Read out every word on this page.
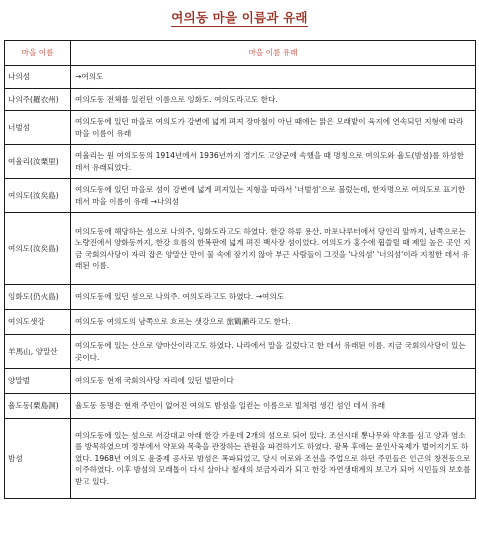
여의동 마을 이름과 유래
마을 이름	마을 이름 유래
나의섬	→여의도
나의주(羅衣州)	여의도동 전체를 일컫던 이름으로 잉화도. 여의도라고도 한다.
너벌섬	여의도동에 있던 마을로 여의도가 강변에 넓게 펴져 장마철이 아닌 때에는 맑은 모래밭이 육지에 연속되던 지형에 따라 마을 이름이 유래
여율리(汝栗里)	여율리는 원 여의도동의 1914년에서 1936년까지 경기도 고양군에 속했을 때 명칭으로 여의도와 율도(밤섬)를 하성한 데서 유래되었다.
여의도(汝矣島)	여의도동에 있던 마을로 섬이 강변에 넓게 펴져있는 지형을 따라서 '너벌섬'으로 불렀는데, 한자명으로 여의도로 표기한 데서 마을 이름이 유래 →나의섬
여의도(汝矣島)	여의도동에 해당하는 섬으로 나의주, 잉화도라고도 하였다. 한강 하류 용산. 마포나루터에서 당인리 앞까지, 남쪽으로는 노량진에서 양화동까지, 한강 흐름의 한복판에 넓게 펴진 백사장 섬이었다. 여의도가 홍수에 휩쓸릴 때 제일 높은 곳인 지금 국회의사당이 자리 잡은 양말산 만이 물 속에 잠기지 않아 부근 사람들이 그것을 '나의섬' '너의섬'이라 지칭한 데서 유래된 이름.
잉화도(仍火島)	여의도동에 있던 섬으로 나의주. 여의도라고도 하였다. →여의도
여의도샛강	여의도동 여의도의 남쪽으로 흐르는 샛강으로 旅鶴瀨라고도 한다.
羊馬山, 양말산	여의도동에 있는 산으로 양마산이라고도 하였다. 나라에서 말을 길렀다고 한 데서 유래된 이름. 지금 국회의사당이 있는 곳이다.
양말벌	여의도동 현재 국회의사당 자리에 있던 벌판이다
율도동(栗島洞)	율도동 동명은 현재 주민이 없어진 여의도 밤섬을 일컫는 이름으로 빌쳐럼 생긴 섬인 데서 유래
밤섬	여의도동에 있는 섬으로 서강대교 아래 한강 가운데 2개의 섬으로 되어 있다. 조선시대 뽕나무와 약초를 심고 양과 염소를 방목하였으며 정부에서 약포와 목축을 관장하는 관원을 파견하기도 하였다. 광복 후에는 문인사육제가 벌어지기도 하였다. 1968년 여의도 윤중제 공사로 밤섬은 폭파되었고, 당시 어로와 조선을 주업으로 하던 주민들은 인근의 창전동으로 이주하였다. 이후 밤섬의 모래톱이 다시 살아나 철새의 보금자리가 되고 한강 자연생태계의 보고가 되어 시민들의 보호를 받고 있다.
